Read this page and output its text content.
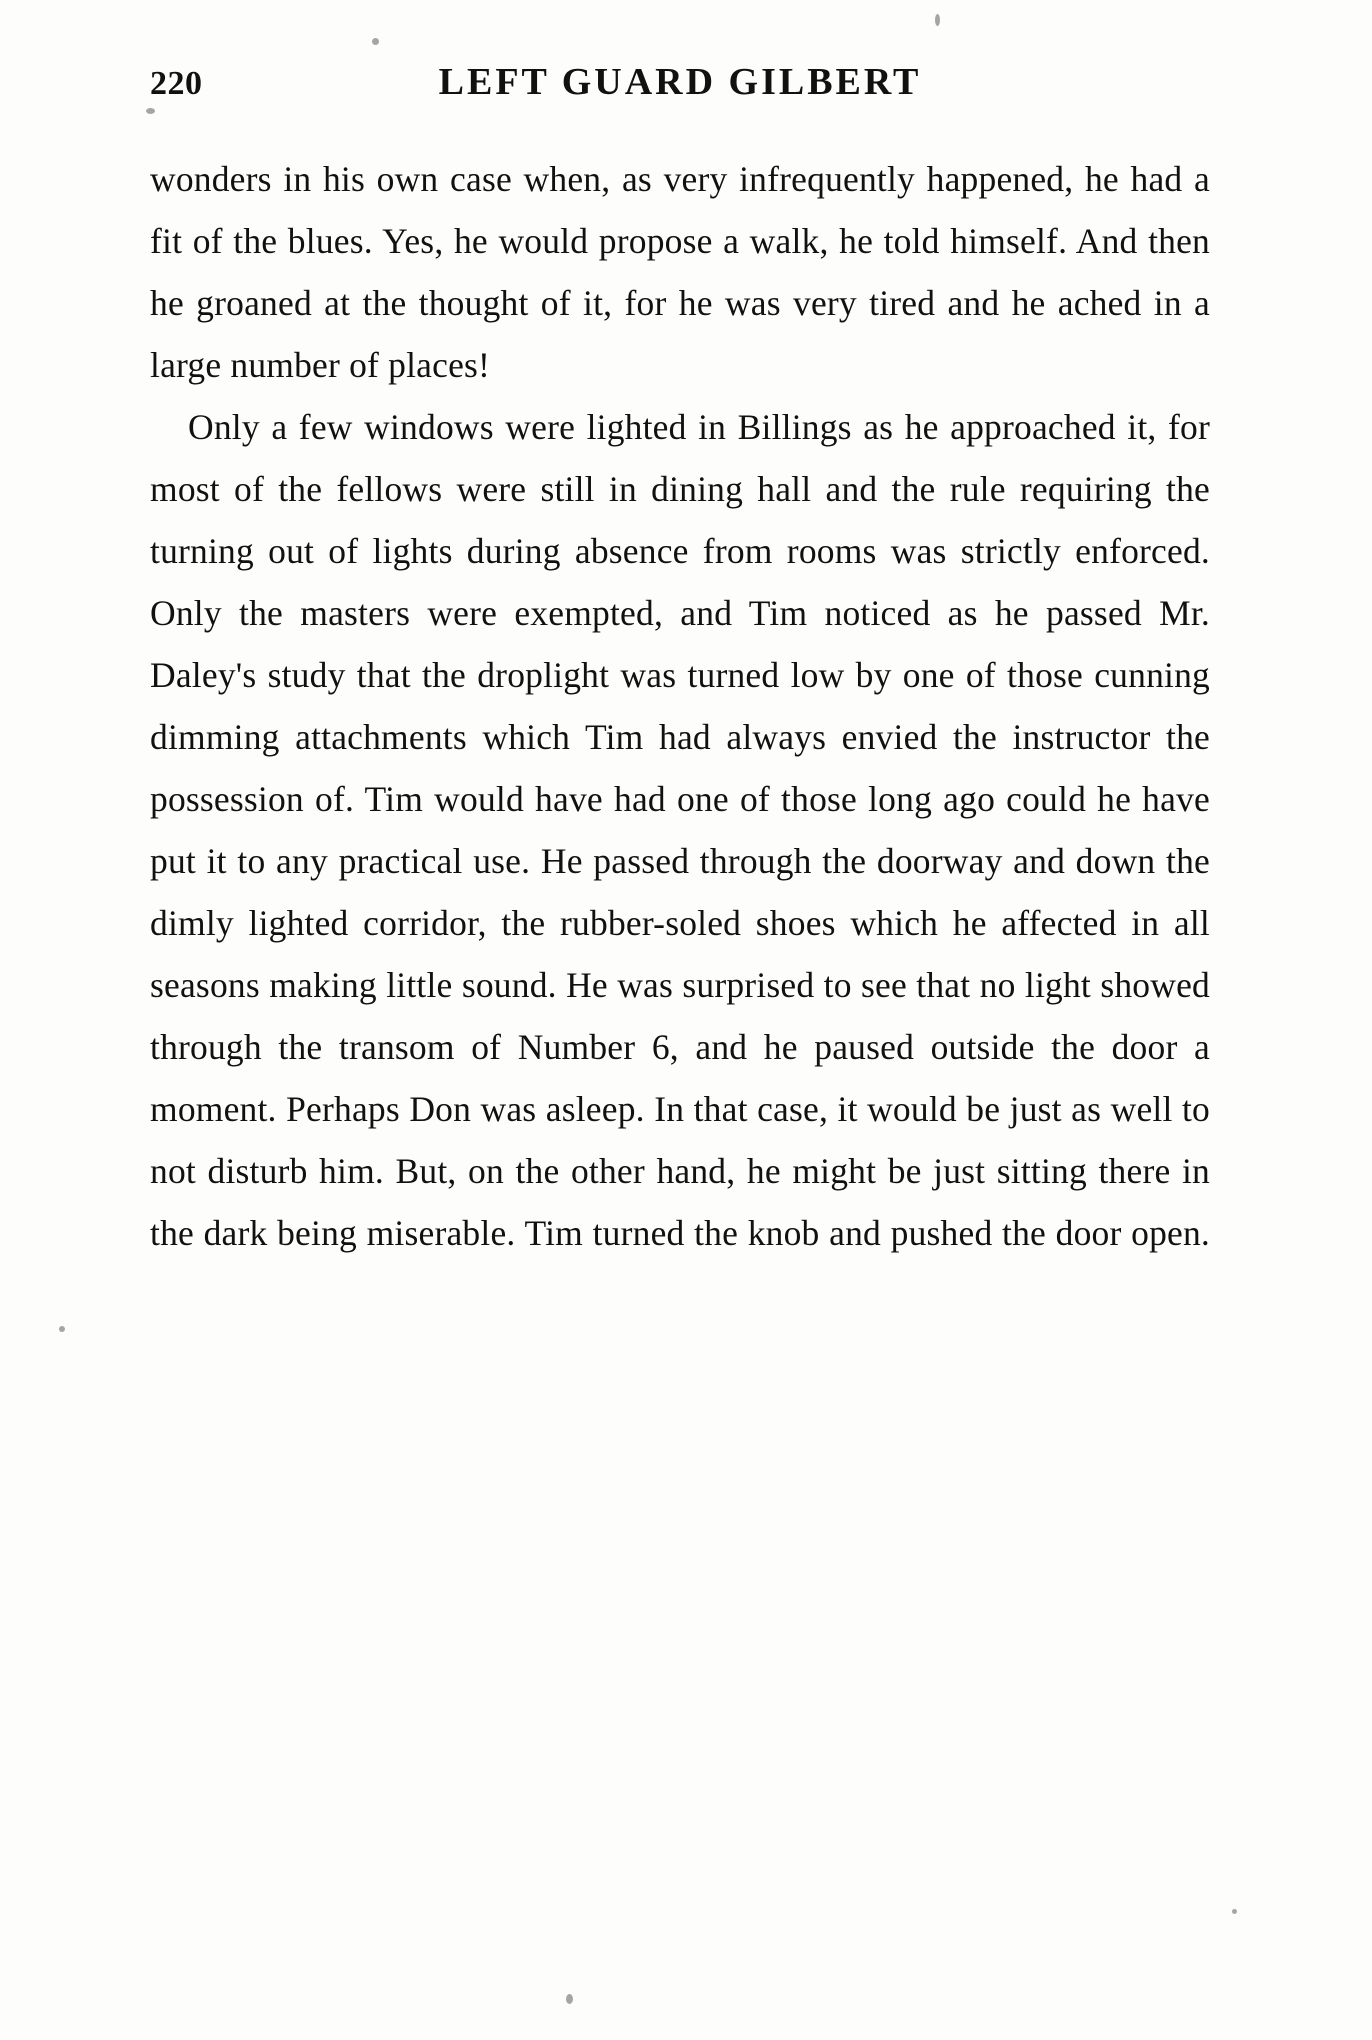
220	LEFT GUARD GILBERT

wonders in his own case when, as very infrequently happened, he had a fit of the blues. Yes, he would propose a walk, he told himself. And then he groaned at the thought of it, for he was very tired and he ached in a large number of places!

Only a few windows were lighted in Billings as he approached it, for most of the fellows were still in dining hall and the rule requiring the turning out of lights during absence from rooms was strictly enforced. Only the masters were exempted, and Tim noticed as he passed Mr. Daley's study that the droplight was turned low by one of those cunning dimming attachments which Tim had always envied the instructor the possession of. Tim would have had one of those long ago could he have put it to any practical use. He passed through the doorway and down the dimly lighted corridor, the rubber-soled shoes which he affected in all seasons making little sound. He was surprised to see that no light showed through the transom of Number 6, and he paused outside the door a moment. Perhaps Don was asleep. In that case, it would be just as well to not disturb him. But, on the other hand, he might be just sitting there in the dark being miserable. Tim turned the knob and pushed the door open.
